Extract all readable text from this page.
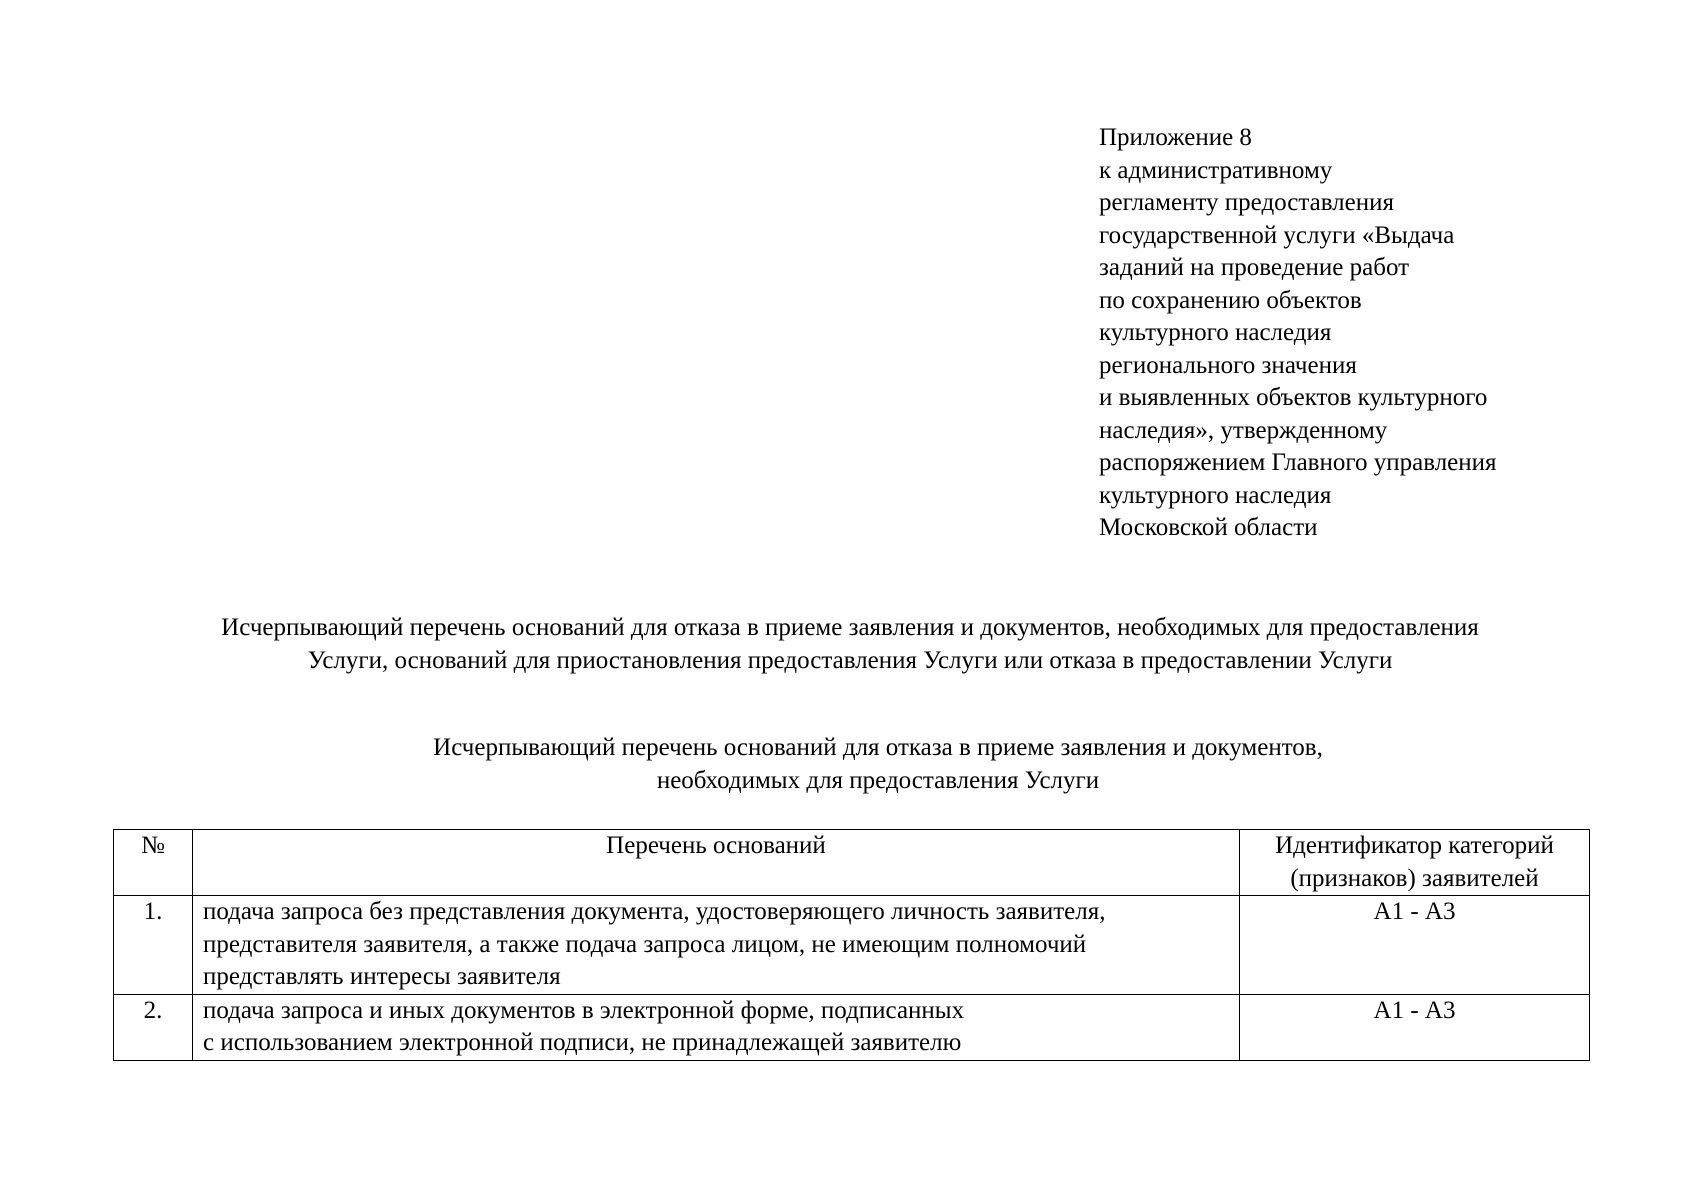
Приложение 8
к административному
регламенту предоставления
государственной услуги «Выдача
заданий на проведение работ
по сохранению объектов
культурного наследия
регионального значения
и выявленных объектов культурного
наследия», утвержденному
распоряжением Главного управления
культурного наследия
Московской области
Исчерпывающий перечень оснований для отказа в приеме заявления и документов, необходимых для предоставления
Услуги, оснований для приостановления предоставления Услуги или отказа в предоставлении Услуги
Исчерпывающий перечень оснований для отказа в приеме заявления и документов,
необходимых для предоставления Услуги
№	Перечень оснований	Идентификатор категорий
(признаков) заявителей

1.	подача запроса без представления документа, удостоверяющего личность заявителя,
представителя заявителя, а также подача запроса лицом, не имеющим полномочий
представлять интересы заявителя	А1 - А3
2.	подача запроса и иных документов в электронной форме, подписанных
с использованием электронной подписи, не принадлежащей заявителю	А1 - А3
